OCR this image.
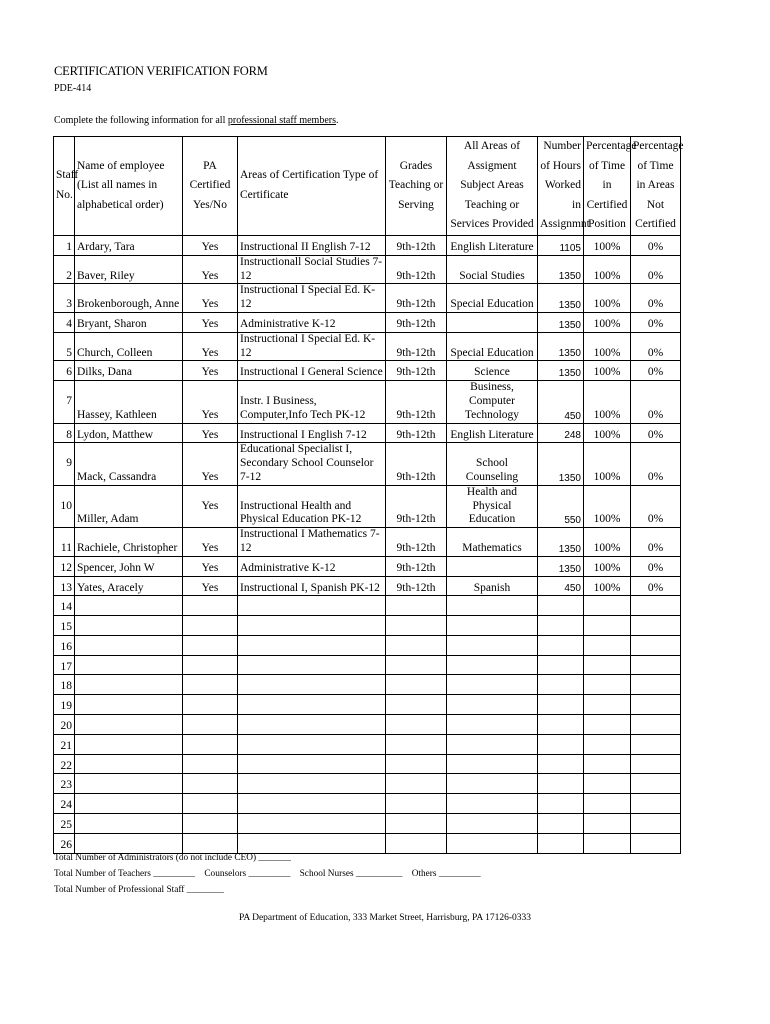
CERTIFICATION VERIFICATION FORM
PDE-414
Complete the following information for all professional staff members.
Staff No.	Name of employee (List all names in alphabetical order)	PA Certified Yes/No	Areas of Certification Type of Certificate	Grades Teaching or Serving	All Areas of Assigment Subject Areas Teaching or Services Provided	Number of Hours Worked in Assignmnt	Percentage of Time in Certified Position	Percentage of Time in Areas Not Certified
1	Ardary, Tara	Yes	Instructional II English 7-12	9th-12th	English Literature	1105	100%	0%
2	Baver, Riley	Yes	Instructionall Social Studies 7-12	9th-12th	Social Studies	1350	100%	0%
3	Brokenborough, Anne	Yes	Instructional I Special Ed. K-12	9th-12th	Special Education	1350	100%	0%
4	Bryant, Sharon	Yes	Administrative K-12	9th-12th		1350	100%	0%
5	Church, Colleen	Yes	Instructional I Special Ed. K-12	9th-12th	Special Education	1350	100%	0%
6	Dilks, Dana	Yes	Instructional I General Science	9th-12th	Science	1350	100%	0%
7	Hassey, Kathleen	Yes	Instr. I Business, Computer,Info Tech PK-12	9th-12th	Business, Computer Technology	450	100%	0%
8	Lydon, Matthew	Yes	Instructional I English 7-12	9th-12th	English Literature	248	100%	0%
9	Mack, Cassandra	Yes	Educational Specialist I, Secondary School Counselor 7-12	9th-12th	School Counseling	1350	100%	0%
10	Miller, Adam	Yes	Instructional Health and Physical Education PK-12	9th-12th	Health and Physical Education	550	100%	0%
11	Rachiele, Christopher	Yes	Instructional I Mathematics 7-12	9th-12th	Mathematics	1350	100%	0%
12	Spencer, John W	Yes	Administrative K-12	9th-12th		1350	100%	0%
13	Yates, Aracely	Yes	Instructional I, Spanish PK-12	9th-12th	Spanish	450	100%	0%
14								
15								
16								
17								
18								
19								
20								
21								
22								
23								
24								
25								
26								
Total Number of Administrators (do not include CEO) _______
Total Number of Teachers _________ Counselors _________ School Nurses __________ Others _________
Total Number of Professional Staff ________
PA Department of Education, 333 Market Street, Harrisburg, PA 17126-0333
